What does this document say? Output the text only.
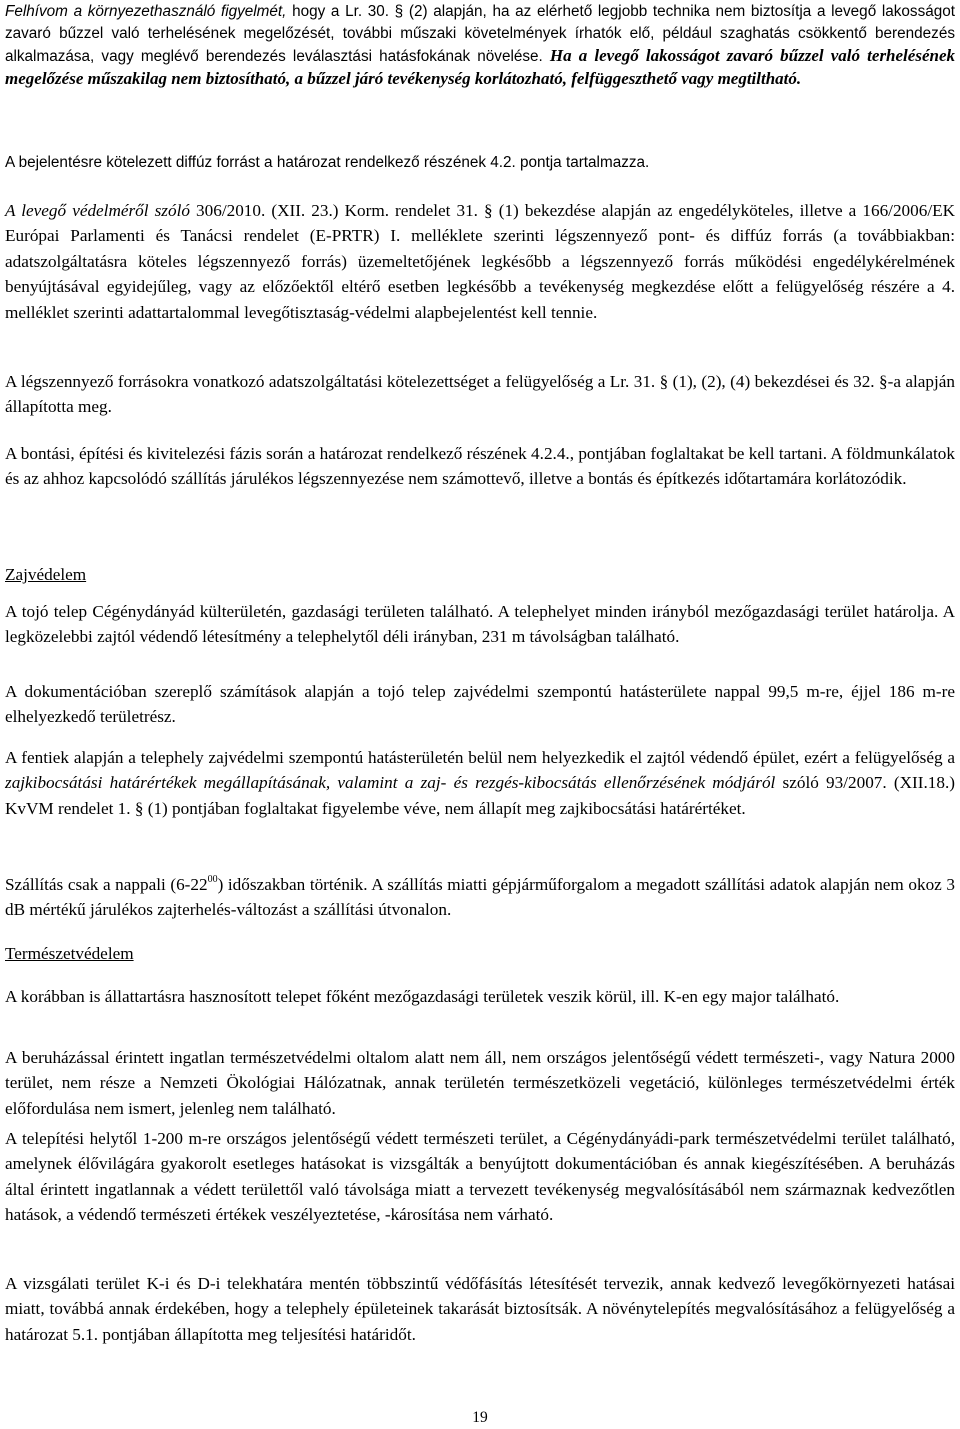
Felhívom a környezethasználó figyelmét, hogy a Lr. 30. § (2) alapján, ha az elérhető legjobb technika nem biztosítja a levegő lakosságot zavaró bűzzel való terhelésének megelőzését, további műszaki követelmények írhatók elő, például szaghatás csökkentő berendezés alkalmazása, vagy meglévő berendezés leválasztási hatásfokának növelése. Ha a levegő lakosságot zavaró bűzzel való terhelésének megelőzése műszakilag nem biztosítható, a bűzzel járó tevékenység korlátozható, felfüggeszthető vagy megtiltható.

A bejelentésre kötelezett diffúz forrást a határozat rendelkező részének 4.2. pontja tartalmazza.

A levegő védelméről szóló 306/2010. (XII. 23.) Korm. rendelet 31. § (1) bekezdése alapján az engedélyköteles, illetve a 166/2006/EK Európai Parlamenti és Tanácsi rendelet (E-PRTR) I. melléklete szerinti légszennyező pont- és diffúz forrás (a továbbiakban: adatszolgáltatásra köteles légszennyező forrás) üzemeltetőjének legkésőbb a légszennyező forrás működési engedélykérelmének benyújtásával egyidejűleg, vagy az előzőektől eltérő esetben legkésőbb a tevékenység megkezdése előtt a felügyelőség részére a 4. melléklet szerinti adattartalommal levegőtisztaság-védelmi alapbejelentést kell tennie.

A légszennyező forrásokra vonatkozó adatszolgáltatási kötelezettséget a felügyelőség a Lr. 31. § (1), (2), (4) bekezdései és 32. §-a alapján állapította meg.

A bontási, építési és kivitelezési fázis során a határozat rendelkező részének 4.2.4., pontjában foglaltakat be kell tartani. A földmunkálatok és az ahhoz kapcsolódó szállítás járulékos légszennyezése nem számottevő, illetve a bontás és építkezés időtartamára korlátozódik.

Zajvédelem

A tojó telep Cégénydányád külterületén, gazdasági területen található. A telephelyet minden irányból mezőgazdasági terület határolja. A legközelebbi zajtól védendő létesítmény a telephelytől déli irányban, 231 m távolságban található.

A dokumentációban szereplő számítások alapján a tojó telep zajvédelmi szempontú hatásterülete nappal 99,5 m-re, éjjel 186 m-re elhelyezkedő területrész.

A fentiek alapján a telephely zajvédelmi szempontú hatásterületén belül nem helyezkedik el zajtól védendő épület, ezért a felügyelőség a zajkibocsátási határértékek megállapításának, valamint a zaj- és rezgés-kibocsátás ellenőrzésének módjáról szóló 93/2007. (XII.18.) KvVM rendelet 1. § (1) pontjában foglaltakat figyelembe véve, nem állapít meg zajkibocsátási határértéket.

Szállítás csak a nappali $(6-22^{00})$ időszakban történik. A szállítás miatti gépjárműforgalom a megadott szállítási adatok alapján nem okoz 3 dB mértékű járulékos zajterhelés-változást a szállítási útvonalon.

Természetvédelem

A korábban is állattartásra hasznosított telepet főként mezőgazdasági területek veszik körül, ill. K-en egy major található.

A beruházással érintett ingatlan természetvédelmi oltalom alatt nem áll, nem országos jelentőségű védett természeti-, vagy Natura 2000 terület, nem része a Nemzeti Ökológiai Hálózatnak, annak területén természetközeli vegetáció, különleges természetvédelmi érték előfordulása nem ismert, jelenleg nem található.

A telepítési helytől 1-200 m-re országos jelentőségű védett természeti terület, a Cégénydányádi-park természetvédelmi terület található, amelynek élővilágára gyakorolt esetleges hatásokat is vizsgálták a benyújtott dokumentációban és annak kiegészítésében. A beruházás által érintett ingatlannak a védett területtől való távolsága miatt a tervezett tevékenység megvalósításából nem származnak kedvezőtlen hatások, a védendő természeti értékek veszélyeztetése, -károsítása nem várható.

A vizsgálati terület K-i és D-i telekhatára mentén többszintű védőfásítás létesítését tervezik, annak kedvező levegőkörnyezeti hatásai miatt, továbbá annak érdekében, hogy a telephely épületeinek takarását biztosítsák. A növénytelepítés megvalósításához a felügyelőség a határozat 5.1. pontjában állapította meg teljesítési határidőt.

19
